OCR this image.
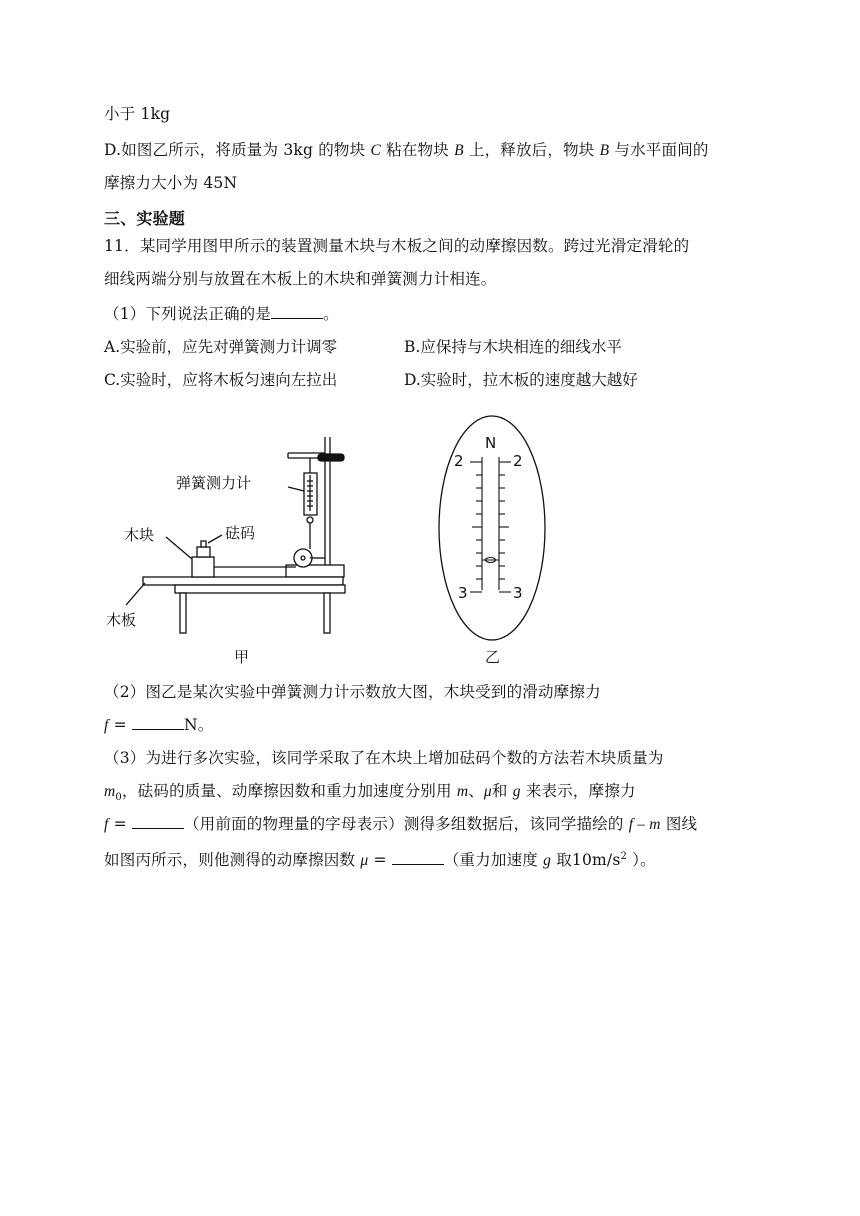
小于 1kg
D.如图乙所示，将质量为 3kg 的物块 C 粘在物块 B 上，释放后，物块 B 与水平面间的
摩擦力大小为 45N
三、实验题
11．某同学用图甲所示的装置测量木块与木板之间的动摩擦因数。跨过光滑定滑轮的
细线两端分别与放置在木板上的木块和弹簧测力计相连。
（1）下列说法正确的是	。
A.实验前，应先对弹簧测力计调零	B.应保持与木块相连的细线水平
C.实验时，应将木板匀速向左拉出	D.实验时，拉木板的速度越大越好
弹簧测力计
木块	砝码
木板
甲
N
2	2
3	3
乙
（2）图乙是某次实验中弹簧测力计示数放大图，木块受到的滑动摩擦力
f =	N。
（3）为进行多次实验，该同学采取了在木块上增加砝码个数的方法若木块质量为
$m_0$，砝码的质量、动摩擦因数和重力加速度分别用 m、μ和 g 来表示，摩擦力
f =	（用前面的物理量的字母表示）测得多组数据后，该同学描绘的 f – m 图线
如图丙所示，则他测得的动摩擦因数 μ =	（重力加速度 g 取$10m/s^2$ ）。
